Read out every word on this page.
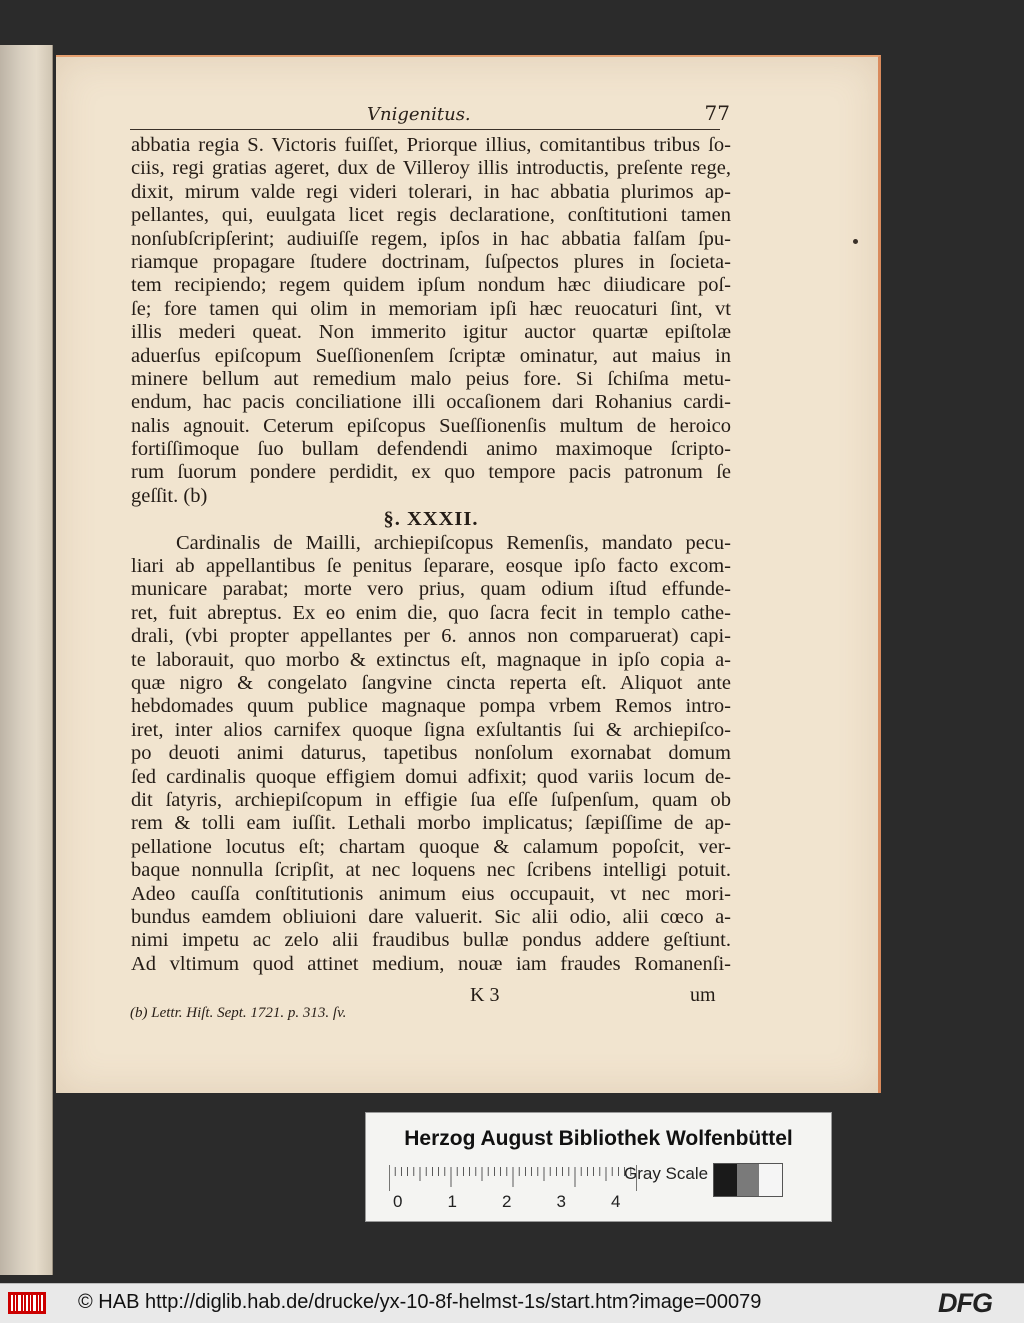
Vnigenitus.	77
abbatia regia S. Victoris fuiſſet, Priorque illius, comitantibus tribus ſo-
ciis, regi gratias ageret, dux de Villeroy illis introductis, preſente rege,
dixit, mirum valde regi videri tolerari, in hac abbatia plurimos ap-
pellantes, qui, euulgata licet regis declaratione, conſtitutioni tamen
nonſubſcripſerint; audiuiſſe regem, ipſos in hac abbatia falſam ſpu-
riamque propagare ſtudere doctrinam, ſuſpectos plures in ſocieta-
tem recipiendo; regem quidem ipſum nondum hæc diiudicare poſ-
ſe; fore tamen qui olim in memoriam ipſi hæc reuocaturi ſint, vt
illis mederi queat. Non immerito igitur auctor quartæ epiſtolæ
aduerſus epiſcopum Sueſſionenſem ſcriptæ ominatur, aut maius in
minere bellum aut remedium malo peius fore. Si ſchiſma metu-
endum, hac pacis conciliatione illi occaſionem dari Rohanius cardi-
nalis agnouit. Ceterum epiſcopus Sueſſionenſis multum de heroico
fortiſſimoque ſuo bullam defendendi animo maximoque ſcripto-
rum ſuorum pondere perdidit, ex quo tempore pacis patronum ſe
geſſit. (b)
§. XXXII.
Cardinalis de Mailli, archiepiſcopus Remenſis, mandato pecu-
liari ab appellantibus ſe penitus ſeparare, eosque ipſo facto excom-
municare parabat; morte vero prius, quam odium iſtud effunde-
ret, fuit abreptus. Ex eo enim die, quo ſacra fecit in templo cathe-
drali, (vbi propter appellantes per 6. annos non comparuerat) capi-
te laborauit, quo morbo & extinctus eſt, magnaque in ipſo copia a-
quæ nigro & congelato ſangvine cincta reperta eſt. Aliquot ante
hebdomades quum publice magnaque pompa vrbem Remos intro-
iret, inter alios carnifex quoque ſigna exſultantis ſui & archiepiſco-
po deuoti animi daturus, tapetibus nonſolum exornabat domum
ſed cardinalis quoque effigiem domui adfixit; quod variis locum de-
dit ſatyris, archiepiſcopum in effigie ſua eſſe ſuſpenſum, quam ob
rem & tolli eam iuſſit. Lethali morbo implicatus; ſæpiſſime de ap-
pellatione locutus eſt; chartam quoque & calamum popoſcit, ver-
baque nonnulla ſcripſit, at nec loquens nec ſcribens intelligi potuit.
Adeo cauſſa conſtitutionis animum eius occupauit, vt nec mori-
bundus eamdem obliuioni dare valuerit. Sic alii odio, alii cœco a-
nimi impetu ac zelo alii fraudibus bullæ pondus addere geſtiunt.
Ad vltimum quod attinet medium, nouæ iam fraudes Romanenſi-
K 3	um
(b) Lettr. Hiſt. Sept. 1721. p. 313. ſv.
Herzog August Bibliothek Wolfenbüttel
0	1	2	3	4
Gray Scale
© HAB http://diglib.hab.de/drucke/yx-10-8f-helmst-1s/start.htm?image=00079	DFG
